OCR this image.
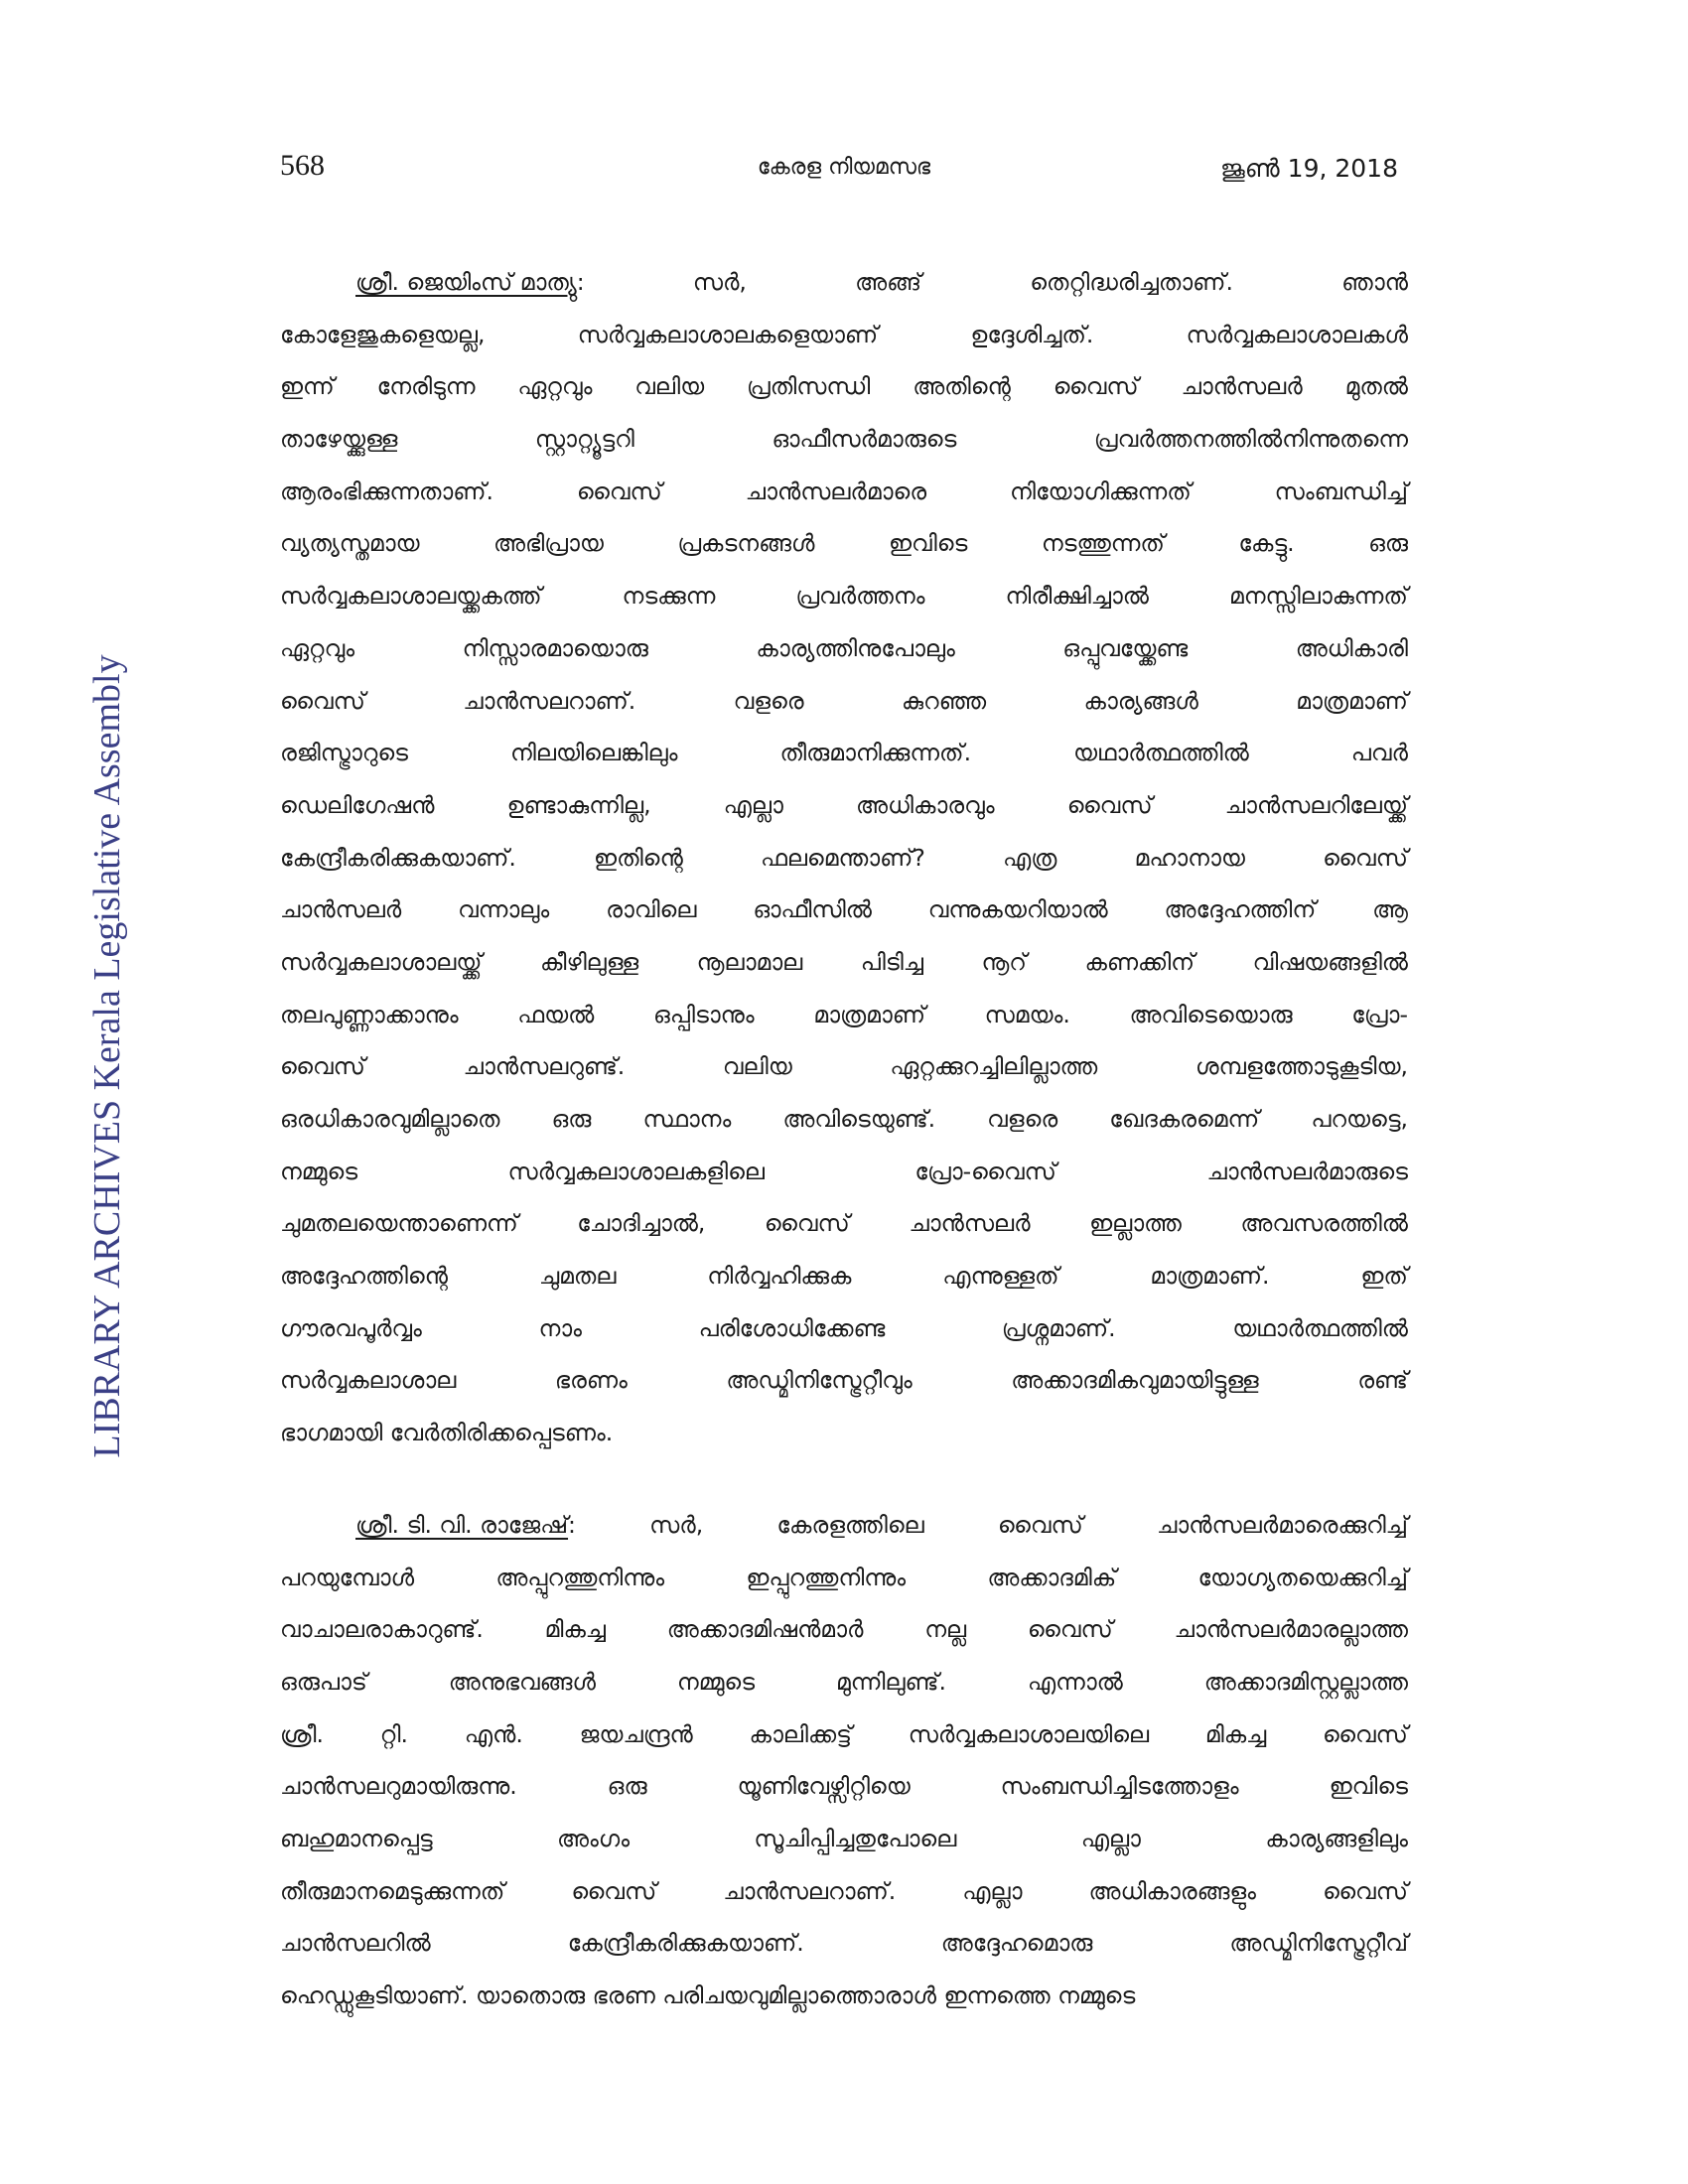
568	കേരള നിയമസഭ	ജൂൺ 19, 2018
LIBRARY ARCHIVES Kerala Legislative Assembly
ശ്രീ. ജെയിംസ് മാത്യു:	സർ,	അങ്ങ്	തെറ്റിദ്ധരിച്ചതാണ്.	ഞാൻ
കോളേജുകളെയല്ല,	സർവ്വകലാശാലകളെയാണ്	ഉദ്ദേശിച്ചത്.	സർവ്വകലാശാലകൾ
ഇന്ന് നേരിടുന്ന ഏറ്റവും വലിയ പ്രതിസന്ധി അതിന്റെ വൈസ് ചാൻസലർ മുതൽ
താഴേയ്ക്കുള്ള	സ്റ്റാറ്റ്യൂട്ടറി	ഓഫീസർമാരുടെ	പ്രവർത്തനത്തിൽനിന്നുതന്നെ
ആരംഭിക്കുന്നതാണ്.	വൈസ്	ചാൻസലർമാരെ	നിയോഗിക്കുന്നത്	സംബന്ധിച്ച്
വ്യത്യസ്തമായ	അഭിപ്രായ	പ്രകടനങ്ങൾ	ഇവിടെ	നടത്തുന്നത്	കേട്ടു.	ഒരു
സർവ്വകലാശാലയ്ക്കകത്ത്	നടക്കുന്ന	പ്രവർത്തനം	നിരീക്ഷിച്ചാൽ	മനസ്സിലാകുന്നത്
ഏറ്റവും	നിസ്സാരമായൊരു	കാര്യത്തിനുപോലും	ഒപ്പുവയ്ക്കേണ്ട	അധികാരി
വൈസ്	ചാൻസലറാണ്.	വളരെ	കുറഞ്ഞ	കാര്യങ്ങൾ	മാത്രമാണ്
രജിസ്ട്രാറുടെ	നിലയിലെങ്കിലും	തീരുമാനിക്കുന്നത്.	യഥാർത്ഥത്തിൽ	പവർ
ഡെലിഗേഷൻ	ഉണ്ടാകുന്നില്ല,	എല്ലാ	അധികാരവും	വൈസ്	ചാൻസലറിലേയ്ക്ക്
കേന്ദ്രീകരിക്കുകയാണ്.	ഇതിന്റെ	ഫലമെന്താണ്?	എത്ര	മഹാനായ	വൈസ്
ചാൻസലർ വന്നാലും രാവിലെ ഓഫീസിൽ വന്നുകയറിയാൽ അദ്ദേഹത്തിന് ആ
സർവ്വകലാശാലയ്ക്ക് കീഴിലുള്ള നൂലാമാല പിടിച്ച നൂറ് കണക്കിന് വിഷയങ്ങളിൽ
തലപുണ്ണാക്കാനും	ഫയൽ	ഒപ്പിടാനും	മാത്രമാണ്	സമയം.	അവിടെയൊരു	പ്രോ-
വൈസ്	ചാൻസലറുണ്ട്.	വലിയ	ഏറ്റക്കുറച്ചിലില്ലാത്ത	ശമ്പളത്തോടുകൂടിയ,
ഒരധികാരവുമില്ലാതെ ഒരു സ്ഥാനം അവിടെയുണ്ട്. വളരെ ഖേദകരമെന്ന് പറയട്ടെ,
നമ്മുടെ	സർവ്വകലാശാലകളിലെ	പ്രോ-വൈസ്	ചാൻസലർമാരുടെ
ചുമതലയെന്താണെന്ന്	ചോദിച്ചാൽ,	വൈസ്	ചാൻസലർ	ഇല്ലാത്ത	അവസരത്തിൽ
അദ്ദേഹത്തിന്റെ	ചുമതല	നിർവ്വഹിക്കുക	എന്നുള്ളത്	മാത്രമാണ്.	ഇത്
ഗൗരവപൂർവ്വം	നാം	പരിശോധിക്കേണ്ട	പ്രശ്നമാണ്.	യഥാർത്ഥത്തിൽ
സർവ്വകലാശാല	ഭരണം	അഡ്മിനിസ്ട്രേറ്റീവും	അക്കാദമികവുമായിട്ടുള്ള	രണ്ട്
ഭാഗമായി വേർതിരിക്കപ്പെടണം.
ശ്രീ. ടി. വി. രാജേഷ്:	സർ,	കേരളത്തിലെ	വൈസ്	ചാൻസലർമാരെക്കുറിച്ച്
പറയുമ്പോൾ	അപ്പുറത്തുനിന്നും	ഇപ്പുറത്തുനിന്നും	അക്കാദമിക്	യോഗ്യതയെക്കുറിച്ച്
വാചാലരാകാറുണ്ട്.	മികച്ച	അക്കാദമിഷൻമാർ	നല്ല	വൈസ്	ചാൻസലർമാരല്ലാത്ത
ഒരുപാട്	അനുഭവങ്ങൾ	നമ്മുടെ	മുന്നിലുണ്ട്.	എന്നാൽ	അക്കാദമിസ്റ്റല്ലാത്ത
ശ്രീ. റ്റി. എൻ. ജയചന്ദ്രൻ കാലിക്കട്ട് സർവ്വകലാശാലയിലെ മികച്ച വൈസ്
ചാൻസലറുമായിരുന്നു.	ഒരു	യൂണിവേഴ്സിറ്റിയെ	സംബന്ധിച്ചിടത്തോളം	ഇവിടെ
ബഹുമാനപ്പെട്ട	അംഗം	സൂചിപ്പിച്ചതുപോലെ	എല്ലാ	കാര്യങ്ങളിലും
തീരുമാനമെടുക്കുന്നത്	വൈസ്	ചാൻസലറാണ്.	എല്ലാ	അധികാരങ്ങളും	വൈസ്
ചാൻസലറിൽ	കേന്ദ്രീകരിക്കുകയാണ്.	അദ്ദേഹമൊരു	അഡ്മിനിസ്ട്രേറ്റീവ്
ഹെഡ്ഡുകൂടിയാണ്. യാതൊരു ഭരണ പരിചയവുമില്ലാത്തൊരാൾ ഇന്നത്തെ നമ്മുടെ
